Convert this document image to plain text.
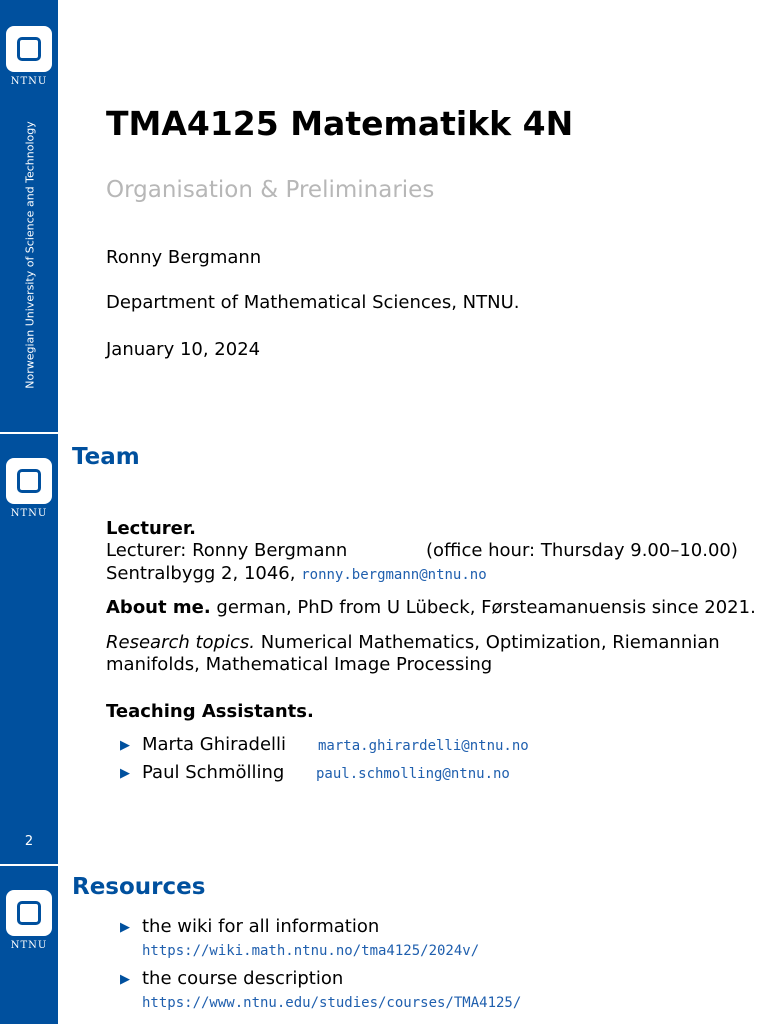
NTNU
Norwegian University of Science and Technology TMA4125 Matematikk 4N

Organisation & Preliminaries

Ronny Bergmann

Department of Mathematical Sciences, NTNU.

January 10, 2024

NTNU
2
Team

Lecturer.

Lecturer: Ronny Bergmann	(office hour: Thursday 9.00–10.00)

Sentralbygg 2, 1046, ronny.bergmann@ntnu.no

About me. german, PhD from U Lübeck, Førsteamanuensis since 2021.

Research topics. Numerical Mathematics, Optimization, Riemannian

manifolds, Mathematical Image Processing

Teaching Assistants.

▶ Marta Ghiradelli marta.ghirardelli@ntnu.no

▶ Paul Schmölling paul.schmolling@ntnu.no

NTNU
Resources
▶ the wiki for all information

https://wiki.math.ntnu.no/tma4125/2024v/

▶ the course description

https://www.ntnu.edu/studies/courses/TMA4125/
